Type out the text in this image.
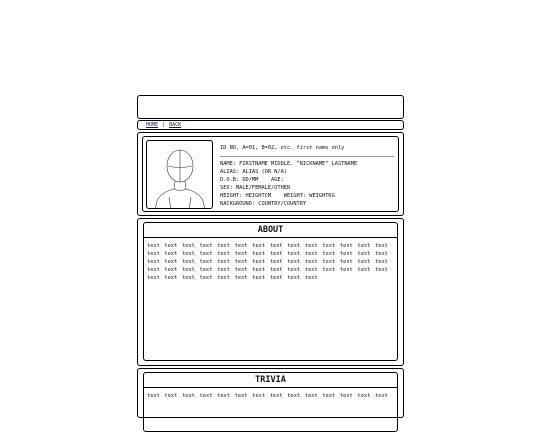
HOME | BACK
ID NO. A=01, B=02, etc. first name only
NAME: FIRSTNAME MIDDLE. "NICKNAME" LASTNAME
ALIAS: ALIAS (OR N/A)
D.O.B: DD/MM    AGE:
SEX: MALE/FEMALE/OTHER
HEIGHT: HEIGHTCM    WEIGHT: WEIGHTKG
BACKGROUND: COUNTRY/COUNTRY
ABOUT
text text text text text text text text text text text text text text text text text text text text text text text text text text text text text text text text text text text text text text text text text text text text text text text text text text text text text text text text text text text text text text text text text text
TRIVIA
text text text text text text text text text text text text text text
